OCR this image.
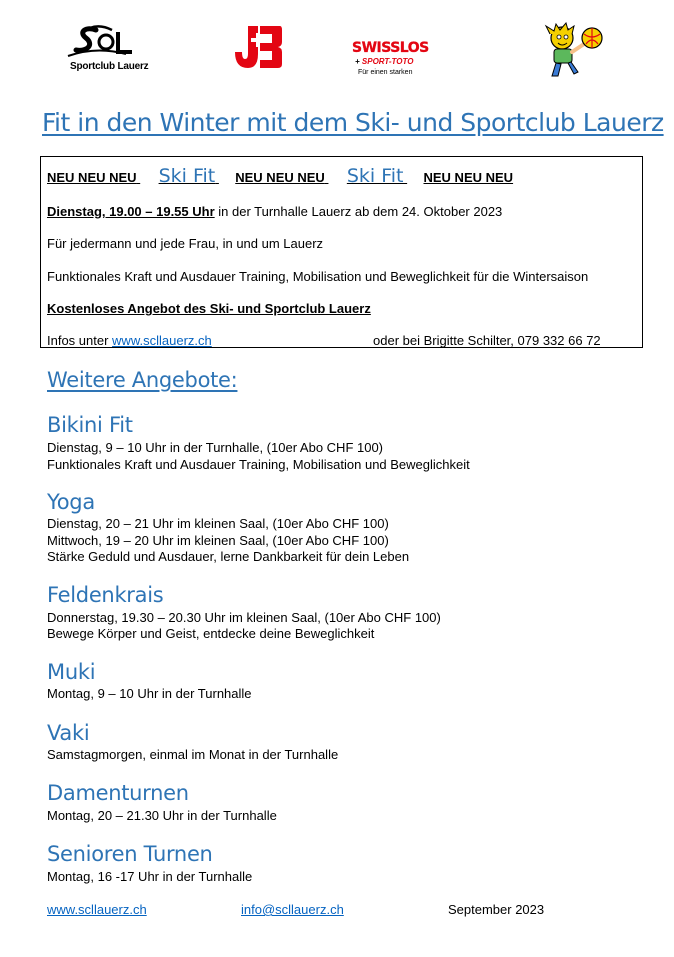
Sportclub Lauerz
SWISSLOS
+ SPORT-TOTO
Für einen starken
Fit in den Winter mit dem Ski- und Sportclub Lauerz
NEU NEU NEU Ski Fit NEU NEU NEU Ski Fit NEU NEU NEU
Dienstag, 19.00 – 19.55 Uhr in der Turnhalle Lauerz ab dem 24. Oktober 2023
Für jedermann und jede Frau, in und um Lauerz
Funktionales Kraft und Ausdauer Training, Mobilisation und Beweglichkeit für die Wintersaison
Kostenloses Angebot des Ski- und Sportclub Lauerz
Infos unter www.scllauerz.ch	oder bei Brigitte Schilter, 079 332 66 72
Weitere Angebote:
Bikini Fit
Dienstag, 9 – 10 Uhr in der Turnhalle, (10er Abo CHF 100)
Funktionales Kraft und Ausdauer Training, Mobilisation und Beweglichkeit
Yoga
Dienstag, 20 – 21 Uhr im kleinen Saal, (10er Abo CHF 100)
Mittwoch, 19 – 20 Uhr im kleinen Saal, (10er Abo CHF 100)
Stärke Geduld und Ausdauer, lerne Dankbarkeit für dein Leben
Feldenkrais
Donnerstag, 19.30 – 20.30 Uhr im kleinen Saal, (10er Abo CHF 100)
Bewege Körper und Geist, entdecke deine Beweglichkeit
Muki
Montag, 9 – 10 Uhr in der Turnhalle
Vaki
Samstagmorgen, einmal im Monat in der Turnhalle
Damenturnen
Montag, 20 – 21.30 Uhr in der Turnhalle
Senioren Turnen
Montag, 16 -17 Uhr in der Turnhalle
www.scllauerz.ch	info@scllauerz.ch	September 2023
